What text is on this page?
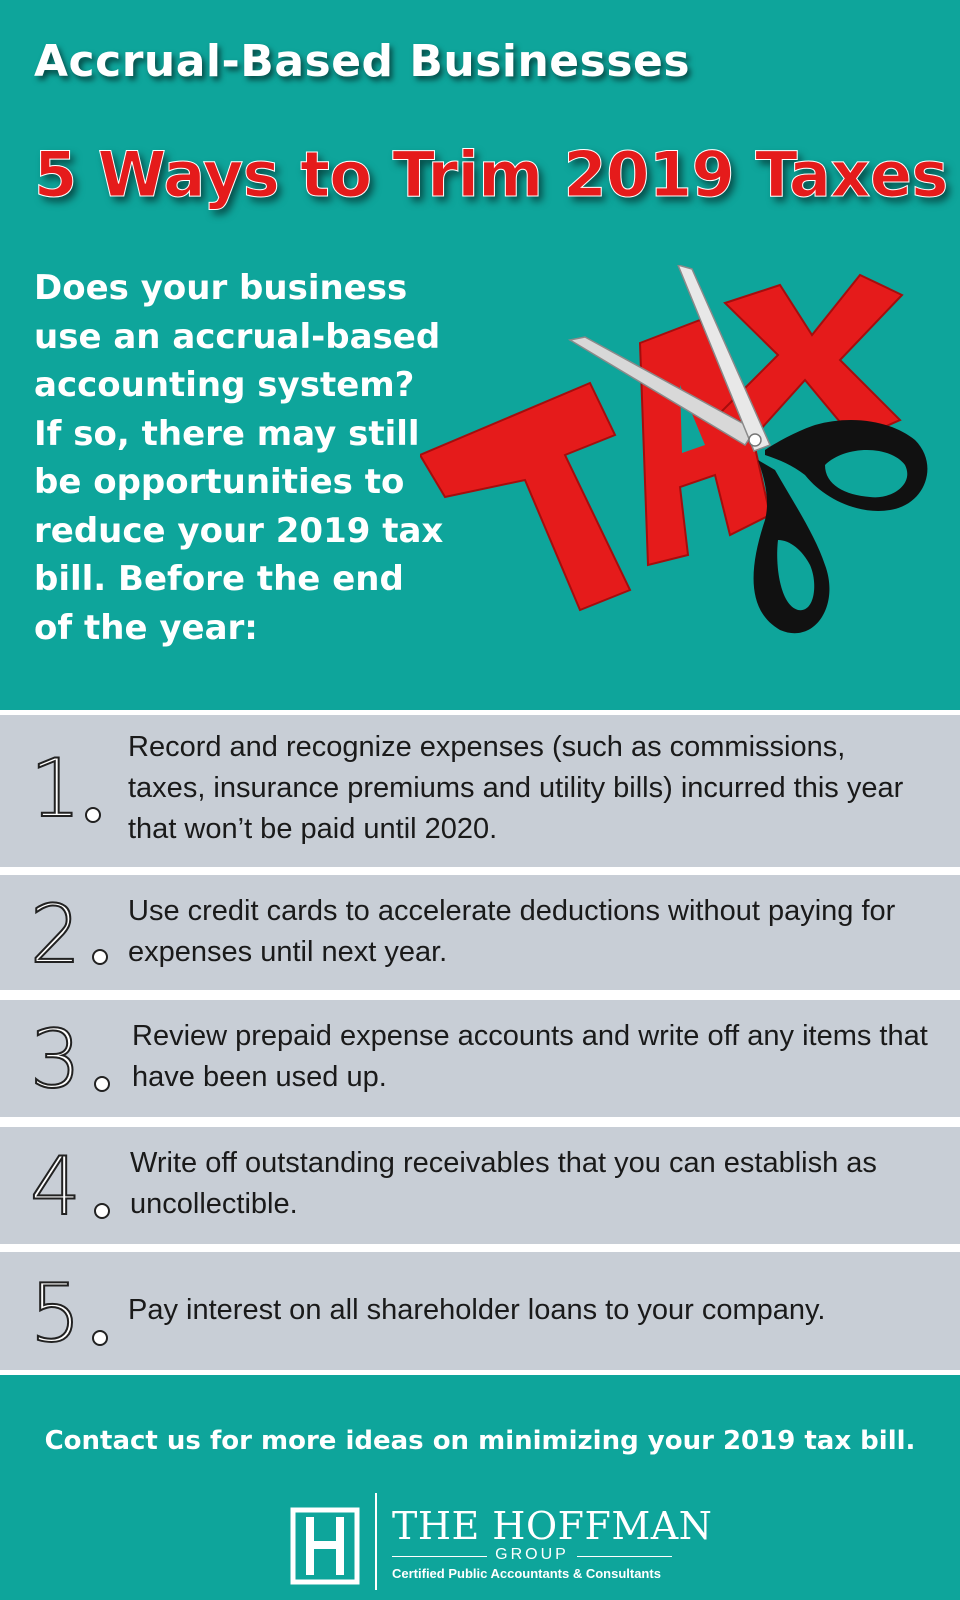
Accrual-Based Businesses
5 Ways to Trim 2019 Taxes
Does your business use an accrual-based accounting system? If so, there may still be opportunities to reduce your 2019 tax bill. Before the end of the year:
1 Record and recognize expenses (such as commissions, taxes, insurance premiums and utility bills) incurred this year that won’t be paid until 2020.
2 Use credit cards to accelerate deductions without paying for expenses until next year.
3 Review prepaid expense accounts and write off any items that have been used up.
4 Write off outstanding receivables that you can establish as uncollectible.
5 Pay interest on all shareholder loans to your company.
Contact us for more ideas on minimizing your 2019 tax bill.
THE HOFFMAN
GROUP
Certified Public Accountants & Consultants
